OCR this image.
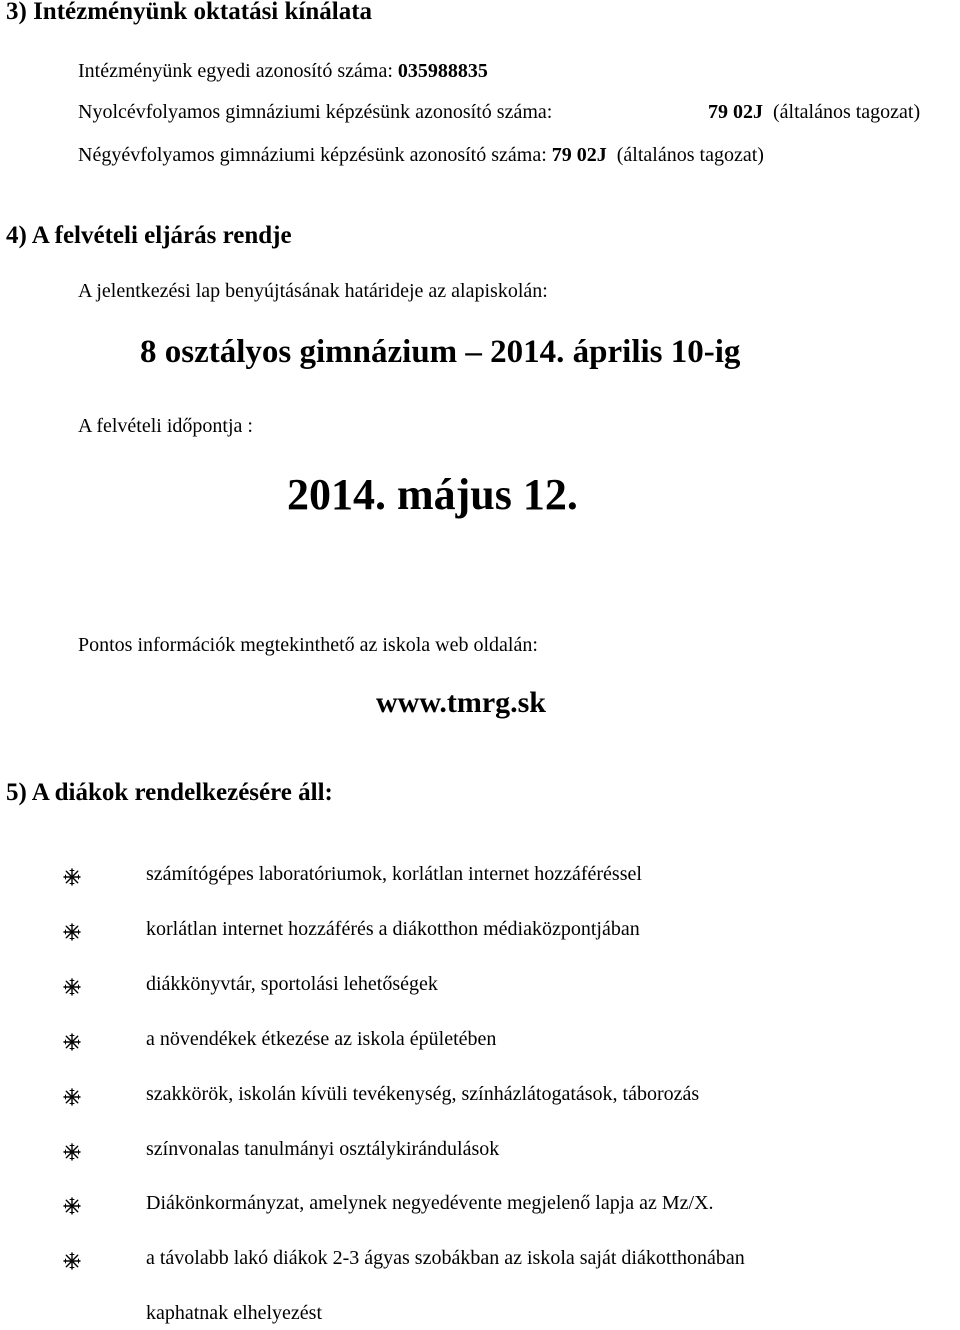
3) Intézményünk oktatási kínálata
Intézményünk egyedi azonosító száma: 035988835
Nyolcévfolyamos gimnáziumi képzésünk azonosító száma:	79 02J (általános tagozat)
Négyévfolyamos gimnáziumi képzésünk azonosító száma: 79 02J (általános tagozat)
4) A felvételi eljárás rendje
A jelentkezési lap benyújtásának határideje az alapiskolán:
8 osztályos gimnázium – 2014. április 10-ig
A felvételi időpontja :
2014. május 12.
Pontos információk megtekinthető az iskola web oldalán:
www.tmrg.sk
5) A diákok rendelkezésére áll:
számítógépes laboratóriumok, korlátlan internet hozzáféréssel
korlátlan internet hozzáférés a diákotthon médiaközpontjában
diákkönyvtár, sportolási lehetőségek
a növendékek étkezése az iskola épületében
szakkörök, iskolán kívüli tevékenység, színházlátogatások, táborozás
színvonalas tanulmányi osztálykirándulások
Diákönkormányzat, amelynek negyedévente megjelenő lapja az Mz/X.
a távolabb lakó diákok 2-3 ágyas szobákban az iskola saját diákotthonában
kaphatnak elhelyezést
